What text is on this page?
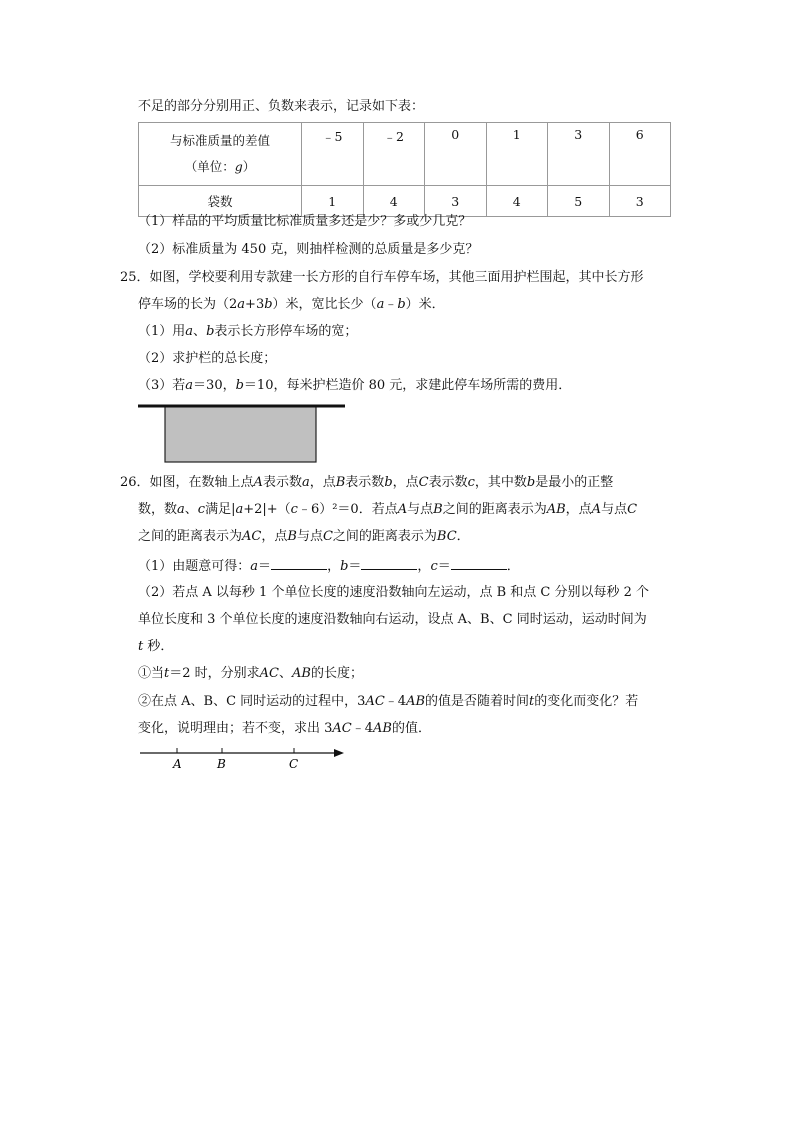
不足的部分分别用正、负数来表示，记录如下表：
与标准质量的差值
（单位：g）	﹣5	﹣2	0	1	3	6
袋数	1	4	3	4	5	3
（1）样品的平均质量比标准质量多还是少？多或少几克？
（2）标准质量为 450 克，则抽样检测的总质量是多少克？
25．如图，学校要利用专款建一长方形的自行车停车场，其他三面用护栏围起，其中长方形
停车场的长为（2a+3b）米，宽比长少（a﹣b）米．
（1）用a、b表示长方形停车场的宽；
（2）求护栏的总长度；
（3）若a＝30，b＝10，每米护栏造价 80 元，求建此停车场所需的费用．
26．如图，在数轴上点A表示数a，点B表示数b，点C表示数c，其中数b是最小的正整
数，数a、c满足|a+2|+（c﹣6）²＝0．若点A与点B之间的距离表示为AB，点A与点C
之间的距离表示为AC，点B与点C之间的距离表示为BC．
（1）由题意可得：a＝	，b＝	，c＝	．
（2）若点 A 以每秒 1 个单位长度的速度沿数轴向左运动，点 B 和点 C 分别以每秒 2 个
单位长度和 3 个单位长度的速度沿数轴向右运动，设点 A、B、C 同时运动，运动时间为
t 秒．
①当t＝2 时，分别求AC、AB的长度；
②在点 A、B、C 同时运动的过程中，3AC﹣4AB的值是否随着时间t的变化而变化？若
变化，说明理由；若不变，求出 3AC﹣4AB的值．
A	B	C
